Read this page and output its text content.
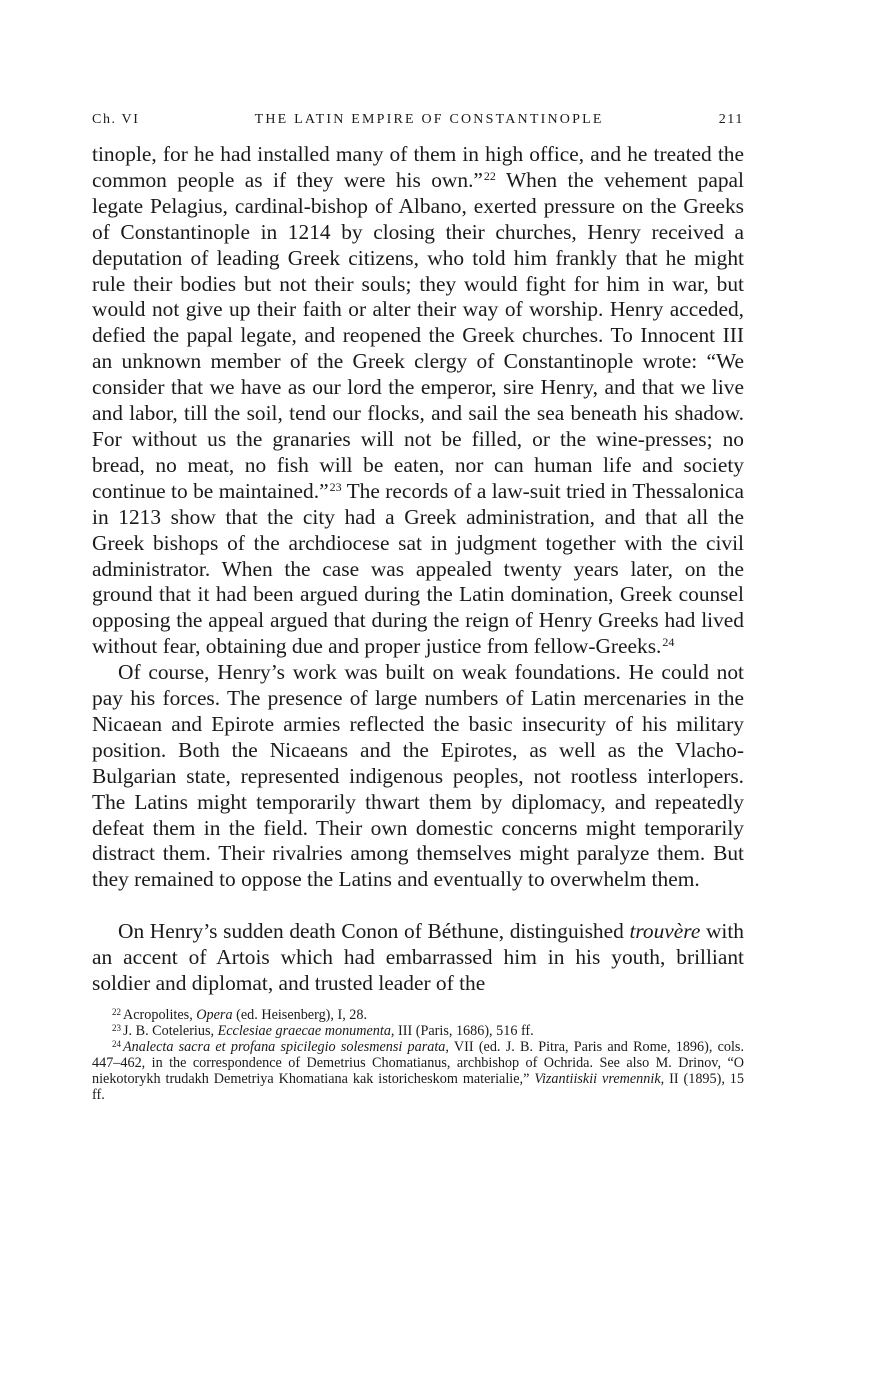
Ch. VI	THE LATIN EMPIRE OF CONSTANTINOPLE	211

tinople, for he had installed many of them in high office, and he treated the common people as if they were his own.”$^{22}$ When the vehement papal legate Pelagius, cardinal-bishop of Albano, exerted pressure on the Greeks of Constantinople in 1214 by closing their churches, Henry received a deputation of leading Greek citizens, who told him frankly that he might rule their bodies but not their souls; they would fight for him in war, but would not give up their faith or alter their way of worship. Henry acceded, defied the papal legate, and reopened the Greek churches. To Innocent III an unknown member of the Greek clergy of Constantinople wrote: “We consider that we have as our lord the emperor, sire Henry, and that we live and labor, till the soil, tend our flocks, and sail the sea beneath his shadow. For without us the granaries will not be filled, or the wine-presses; no bread, no meat, no fish will be eaten, nor can human life and society continue to be maintained.”$^{23}$ The records of a law-suit tried in Thessalonica in 1213 show that the city had a Greek administration, and that all the Greek bishops of the archdiocese sat in judgment together with the civil administrator. When the case was appealed twenty years later, on the ground that it had been argued during the Latin domination, Greek counsel opposing the appeal argued that during the reign of Henry Greeks had lived without fear, obtaining due and proper justice from fellow-Greeks.$^{24}$

Of course, Henry’s work was built on weak foundations. He could not pay his forces. The presence of large numbers of Latin mercenaries in the Nicaean and Epirote armies reflected the basic insecurity of his military position. Both the Nicaeans and the Epirotes, as well as the Vlacho-Bulgarian state, represented indigenous peoples, not rootless interlopers. The Latins might temporarily thwart them by diplomacy, and repeatedly defeat them in the field. Their own domestic concerns might temporarily distract them. Their rivalries among themselves might paralyze them. But they remained to oppose the Latins and eventually to overwhelm them.

On Henry’s sudden death Conon of Béthune, distinguished trouvère with an accent of Artois which had embarrassed him in his youth, brilliant soldier and diplomat, and trusted leader of the

$^{22}$ Acropolites, Opera (ed. Heisenberg), I, 28.

$^{23}$ J. B. Cotelerius, Ecclesiae graecae monumenta, III (Paris, 1686), 516 ff.

$^{24}$ Analecta sacra et profana spicilegio solesmensi parata, VII (ed. J. B. Pitra, Paris and Rome, 1896), cols. 447–462, in the correspondence of Demetrius Chomatianus, archbishop of Ochrida. See also M. Drinov, “O niekotorykh trudakh Demetriya Khomatiana kak istoricheskom materialie,” Vizantiiskii vremennik, II (1895), 15 ff.
